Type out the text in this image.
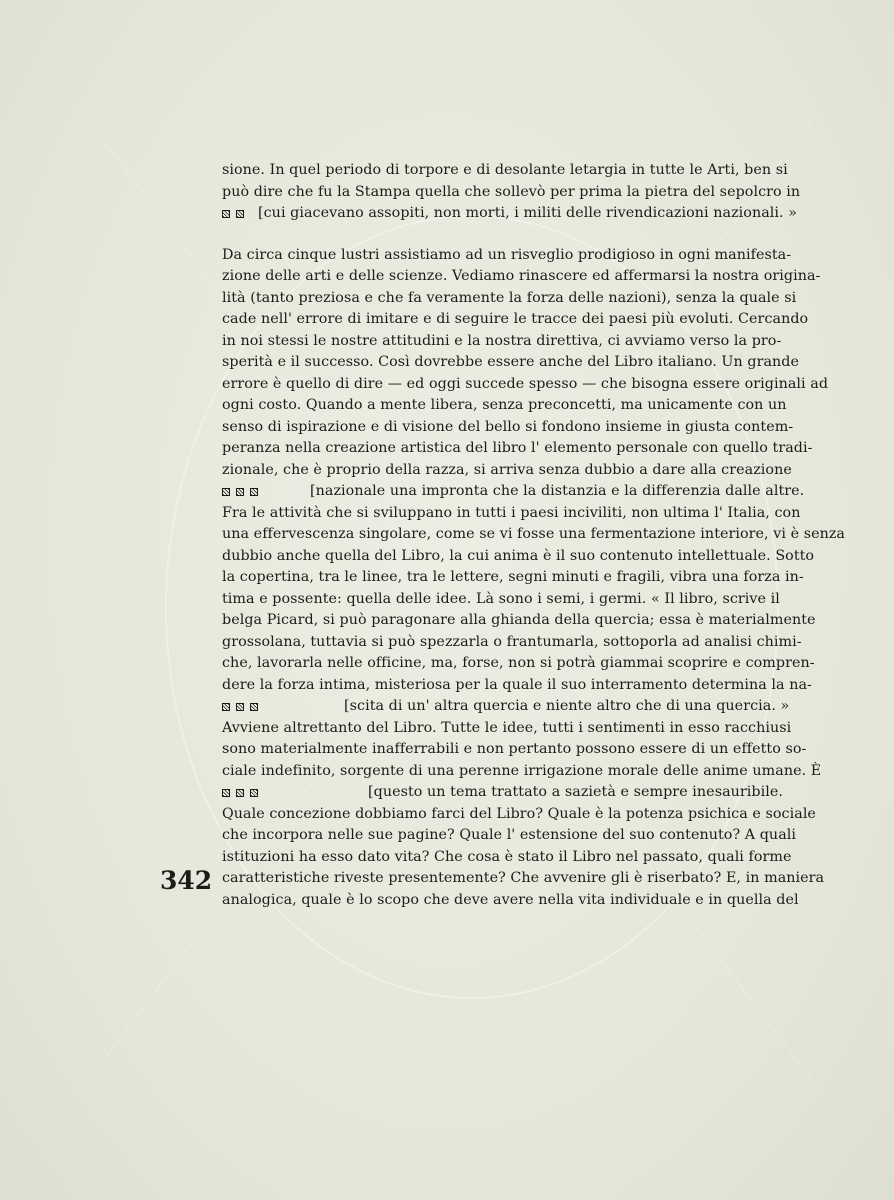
sione. In quel periodo di torpore e di desolante letargia in tutte le Arti, ben si
può dire che fu la Stampa quella che sollevò per prima la pietra del sepolcro in
[cui giacevano assopiti, non morti, i militi delle rivendicazioni nazionali. »
Da circa cinque lustri assistiamo ad un risveglio prodigioso in ogni manifesta-
zione delle arti e delle scienze. Vediamo rinascere ed affermarsi la nostra origina-
lità (tanto preziosa e che fa veramente la forza delle nazioni), senza la quale si
cade nell' errore di imitare e di seguire le tracce dei paesi più evoluti. Cercando
in noi stessi le nostre attitudini e la nostra direttiva, ci avviamo verso la pro-
sperità e il successo. Così dovrebbe essere anche del Libro italiano. Un grande
errore è quello di dire — ed oggi succede spesso — che bisogna essere originali ad
ogni costo. Quando a mente libera, senza preconcetti, ma unicamente con un
senso di ispirazione e di visione del bello si fondono insieme in giusta contem-
peranza nella creazione artistica del libro l' elemento personale con quello tradi-
zionale, che è proprio della razza, si arriva senza dubbio a dare alla creazione
[nazionale una impronta che la distanzia e la differenzia dalle altre.
Fra le attività che si sviluppano in tutti i paesi inciviliti, non ultima l' Italia, con
una effervescenza singolare, come se vi fosse una fermentazione interiore, vi è senza
dubbio anche quella del Libro, la cui anima è il suo contenuto intellettuale. Sotto
la copertina, tra le linee, tra le lettere, segni minuti e fragili, vibra una forza in-
tima e possente: quella delle idee. Là sono i semi, i germi. « Il libro, scrive il
belga Picard, si può paragonare alla ghianda della quercia; essa è materialmente
grossolana, tuttavia si può spezzarla o frantumarla, sottoporla ad analisi chimi-
che, lavorarla nelle officine, ma, forse, non si potrà giammai scoprire e compren-
dere la forza intima, misteriosa per la quale il suo interramento determina la na-
[scita di un' altra quercia e niente altro che di una quercia. »
Avviene altrettanto del Libro. Tutte le idee, tutti i sentimenti in esso racchiusi
sono materialmente inafferrabili e non pertanto possono essere di un effetto so-
ciale indefinito, sorgente di una perenne irrigazione morale delle anime umane. È
[questo un tema trattato a sazietà e sempre inesauribile.
Quale concezione dobbiamo farci del Libro? Quale è la potenza psichica e sociale
che incorpora nelle sue pagine? Quale l' estensione del suo contenuto? A quali
istituzioni ha esso dato vita? Che cosa è stato il Libro nel passato, quali forme
caratteristiche riveste presentemente? Che avvenire gli è riserbato? E, in maniera
analogica, quale è lo scopo che deve avere nella vita individuale e in quella del
342
